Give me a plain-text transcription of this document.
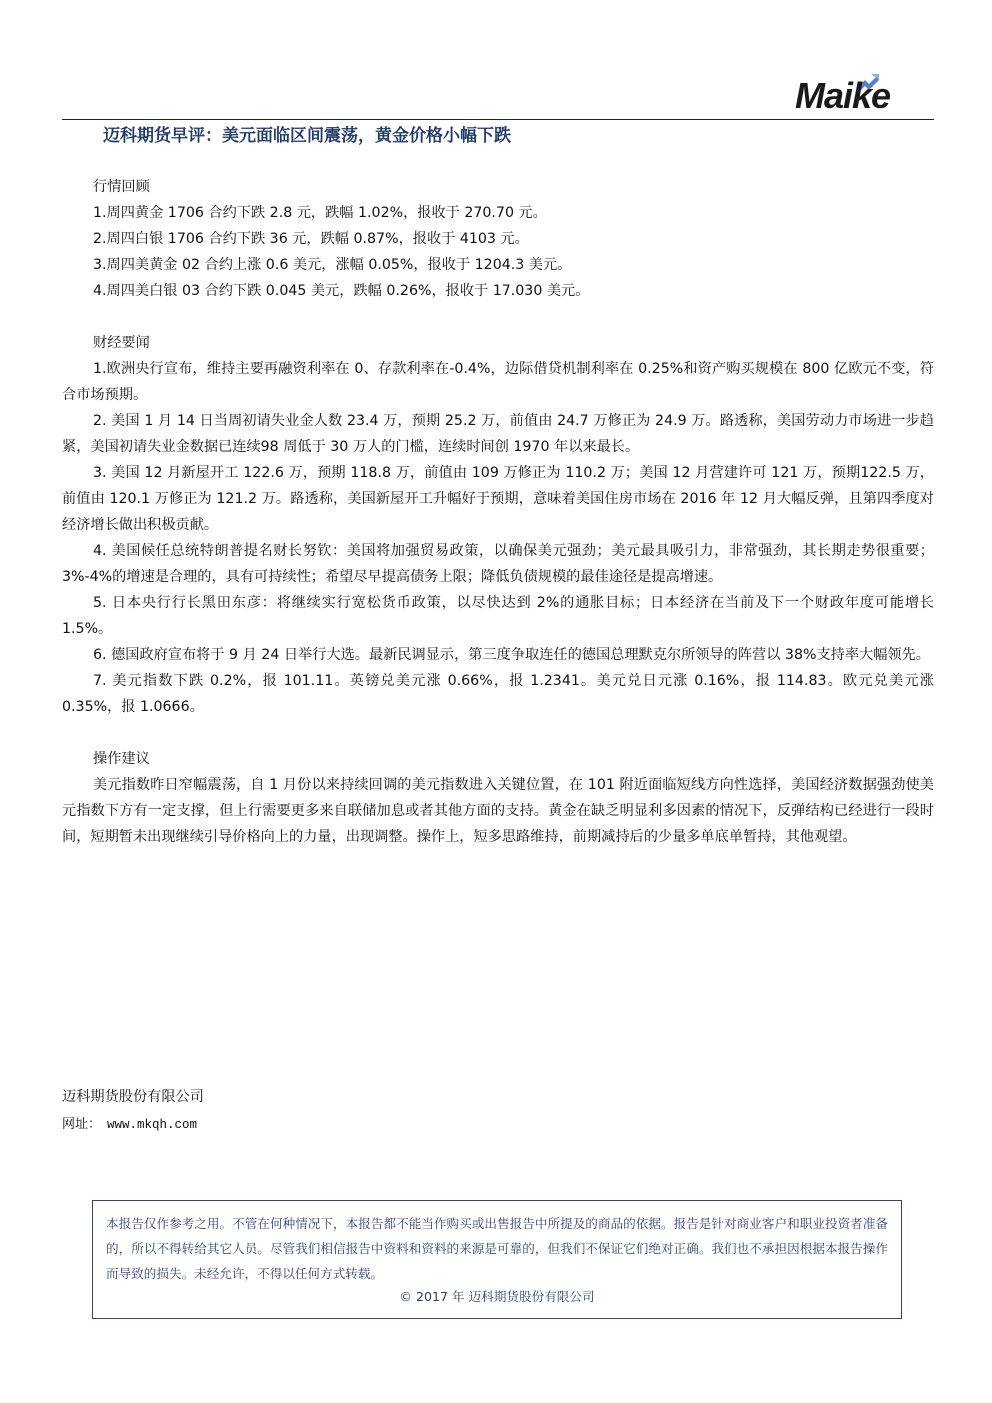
Maike
迈科期货早评：美元面临区间震荡，黄金价格小幅下跌

行情回顾

1.周四黄金 1706 合约下跌 2.8 元，跌幅 1.02%，报收于 270.70 元。

2.周四白银 1706 合约下跌 36 元，跌幅 0.87%，报收于 4103 元。

3.周四美黄金 02 合约上涨 0.6 美元，涨幅 0.05%，报收于 1204.3 美元。

4.周四美白银 03 合约下跌 0.045 美元，跌幅 0.26%，报收于 17.030 美元。

财经要闻

1.欧洲央行宣布，维持主要再融资利率在 0、存款利率在-0.4%，边际借贷机制利率在 0.25%和资产购买规模在 800 亿欧元不变，符合市场预期。

2. 美国 1 月 14 日当周初请失业金人数 23.4 万，预期 25.2 万，前值由 24.7 万修正为 24.9 万。路透称，美国劳动力市场进一步趋紧，美国初请失业金数据已连续98 周低于 30 万人的门槛，连续时间创 1970 年以来最长。

3. 美国 12 月新屋开工 122.6 万，预期 118.8 万，前值由 109 万修正为 110.2 万；美国 12 月营建许可 121 万，预期122.5 万，前值由 120.1 万修正为 121.2 万。路透称，美国新屋开工升幅好于预期，意味着美国住房市场在 2016 年 12 月大幅反弹，且第四季度对经济增长做出积极贡献。

4. 美国候任总统特朗普提名财长努钦：美国将加强贸易政策，以确保美元强劲；美元最具吸引力，非常强劲，其长期走势很重要；3%-4%的增速是合理的，具有可持续性；希望尽早提高债务上限；降低负债规模的最佳途径是提高增速。

5. 日本央行行长黑田东彦：将继续实行宽松货币政策，以尽快达到 2%的通胀目标；日本经济在当前及下一个财政年度可能增长 1.5%。

6. 德国政府宣布将于 9 月 24 日举行大选。最新民调显示，第三度争取连任的德国总理默克尔所领导的阵营以 38%支持率大幅领先。

7. 美元指数下跌 0.2%，报 101.11。英镑兑美元涨 0.66%，报 1.2341。美元兑日元涨 0.16%，报 114.83。欧元兑美元涨 0.35%，报 1.0666。

操作建议

美元指数昨日窄幅震荡，自 1 月份以来持续回调的美元指数进入关键位置，在 101 附近面临短线方向性选择，美国经济数据强劲使美元指数下方有一定支撑，但上行需要更多来自联储加息或者其他方面的支持。黄金在缺乏明显利多因素的情况下，反弹结构已经进行一段时间，短期暂未出现继续引导价格向上的力量，出现调整。操作上，短多思路维持，前期减持后的少量多单底单暂持，其他观望。

迈科期货股份有限公司
网址： www.mkqh.com

本报告仅作参考之用。不管在何种情况下，本报告都不能当作购买或出售报告中所提及的商品的依据。报告是针对商业客户和职业投资者准备的，所以不得转给其它人员。尽管我们相信报告中资料和资料的来源是可靠的，但我们不保证它们绝对正确。我们也不承担因根据本报告操作而导致的损失。未经允许，不得以任何方式转载。

© 2017 年 迈科期货股份有限公司
